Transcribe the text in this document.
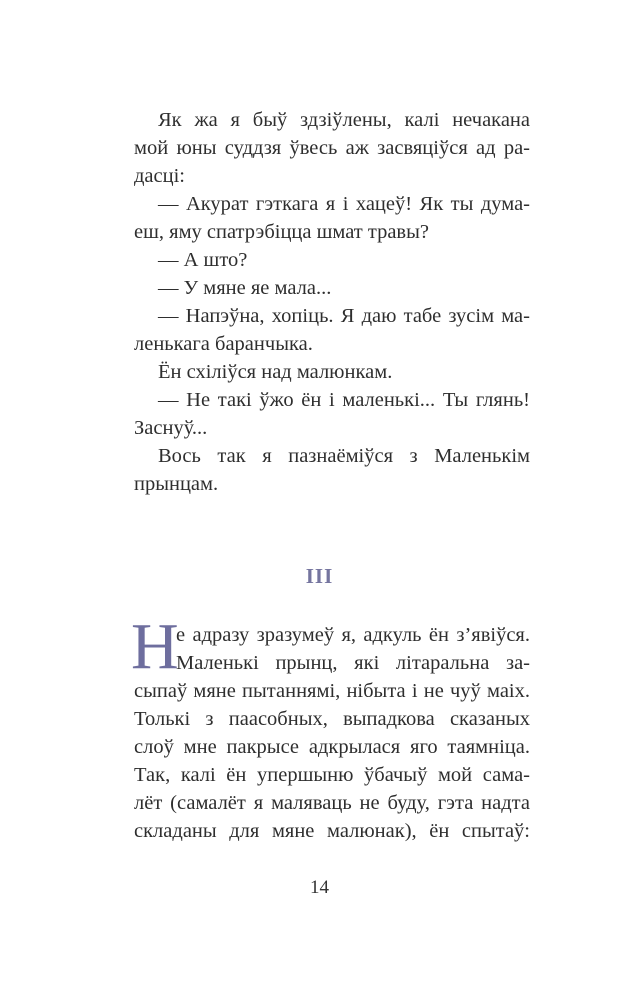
Як жа я быў здзіўлены, калі нечакана
мой юны суддзя ўвесь аж засвяціўся ад ра-
дасці:
— Акурат гэткага я і хацеў! Як ты дума-
еш, яму спатрэбіцца шмат травы?
— А што?
— У мяне яе мала...
— Напэўна, хопіць. Я даю табе зусім ма-
ленькага баранчыка.
Ён схіліўся над малюнкам.
— Не такі ўжо ён і маленькі... Ты глянь!
Заснуў...
Вось так я пазнаёміўся з Маленькім
прынцам.
III
Н
е адразу зразумеў я, адкуль ён з’явіўся.
Маленькі прынц, які літаральна за-
сыпаў мяне пытаннямі, нібыта і не чуў маіх.
Толькі з паасобных, выпадкова сказаных
слоў мне пакрысе адкрылася яго таямніца.
Так, калі ён упершыню ўбачыў мой сама-
лёт (самалёт я маляваць не буду, гэта надта
складаны для мяне малюнак), ён спытаў:
14
